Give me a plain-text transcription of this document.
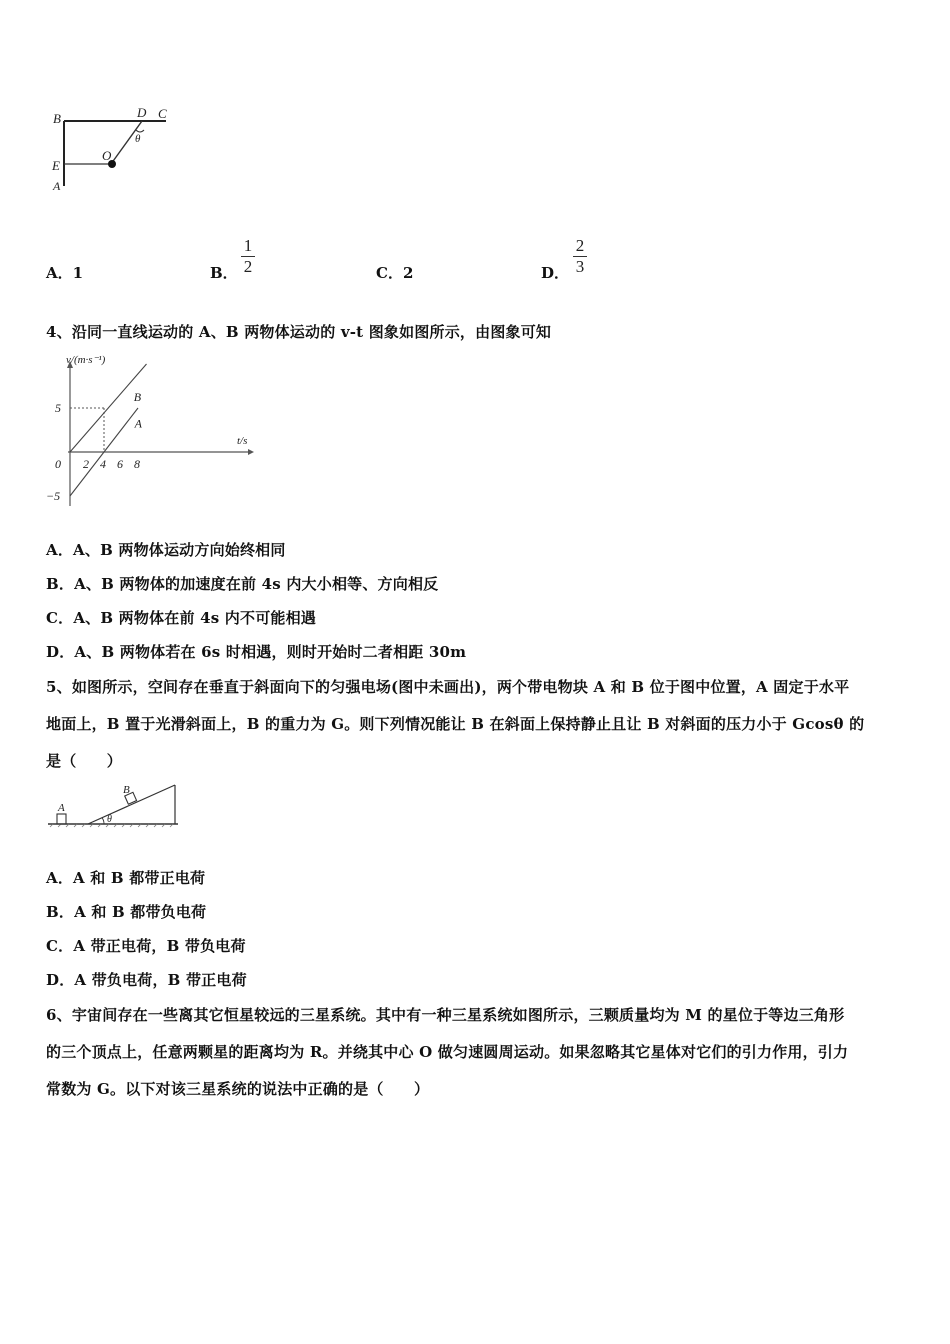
B	D C
θ
O
E
A
A．1	B． $\frac{1}{2}$	C．2	D． $\frac{2}{3}$
4、沿同一直线运动的 A、B 两物体运动的 v-t 图象如图所示，由图象可知
v/(m·s⁻¹)
t/s
0 2 4 6 8
5
−5
B
A
A．A、B 两物体运动方向始终相同
B．A、B 两物体的加速度在前 4s 内大小相等、方向相反
C．A、B 两物体在前 4s 内不可能相遇
D．A、B 两物体若在 6s 时相遇，则时开始时二者相距 30m
5、如图所示，空间存在垂直于斜面向下的匀强电场(图中未画出)，两个带电物块 A 和 B 位于图中位置，A 固定于水平
地面上，B 置于光滑斜面上，B 的重力为 G。则下列情况能让 B 在斜面上保持静止且让 B 对斜面的压力小于 Gcosθ 的
是（　　）
A
B
θ
A．A 和 B 都带正电荷
B．A 和 B 都带负电荷
C．A 带正电荷，B 带负电荷
D．A 带负电荷，B 带正电荷
6、宇宙间存在一些离其它恒星较远的三星系统。其中有一种三星系统如图所示，三颗质量均为 M 的星位于等边三角形
的三个顶点上，任意两颗星的距离均为 R。并绕其中心 O 做匀速圆周运动。如果忽略其它星体对它们的引力作用，引力
常数为 G。以下对该三星系统的说法中正确的是（　　）
